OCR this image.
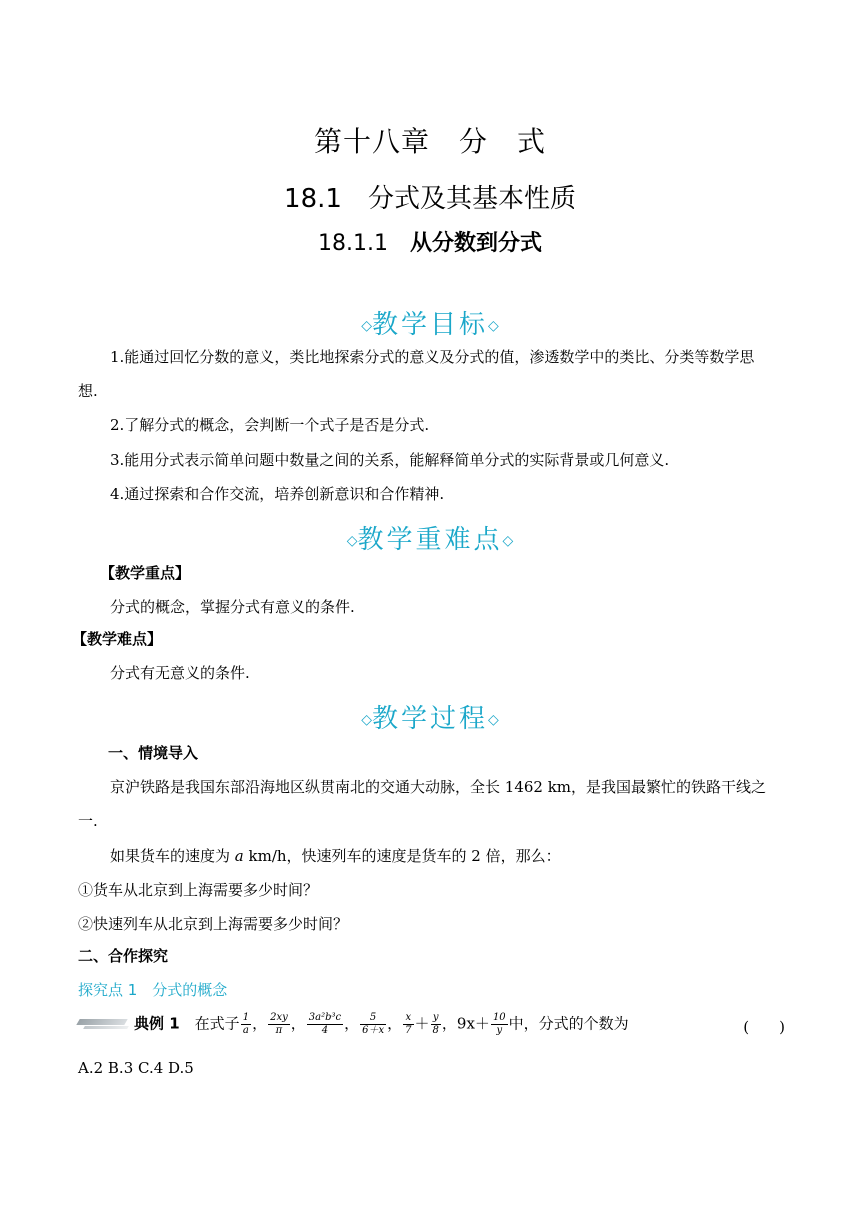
第十八章　分　式
18.1　分式及其基本性质
18.1.1　从分数到分式
◇教学目标◇
1.能通过回忆分数的意义，类比地探索分式的意义及分式的值，渗透数学中的类比、分类等数学思
想.
2.了解分式的概念，会判断一个式子是否是分式.
3.能用分式表示简单问题中数量之间的关系，能解释简单分式的实际背景或几何意义.
4.通过探索和合作交流，培养创新意识和合作精神.
◇教学重难点◇
【教学重点】
分式的概念，掌握分式有意义的条件.
【教学难点】
分式有无意义的条件.
◇教学过程◇
一、情境导入
京沪铁路是我国东部沿海地区纵贯南北的交通大动脉，全长 1462 km，是我国最繁忙的铁路干线之
一.
如果货车的速度为 a km/h，快速列车的速度是货车的 2 倍，那么：
①货车从北京到上海需要多少时间？
②快速列车从北京到上海需要多少时间？
二、合作探究
探究点 1　分式的概念
典例 1　在式子 $\frac{1}{a}$ ， $\frac{2xy}{\pi}$ ， $\frac{\text{3a²b³c}}{4}$ ， $\frac{5}{6+x}$ ， $\frac{x}{7} + \frac{y}{8}$ ，$9x+ \frac{10}{y}$ 中，分式的个数为	(　　)
A.2 B.3 C.4 D.5
